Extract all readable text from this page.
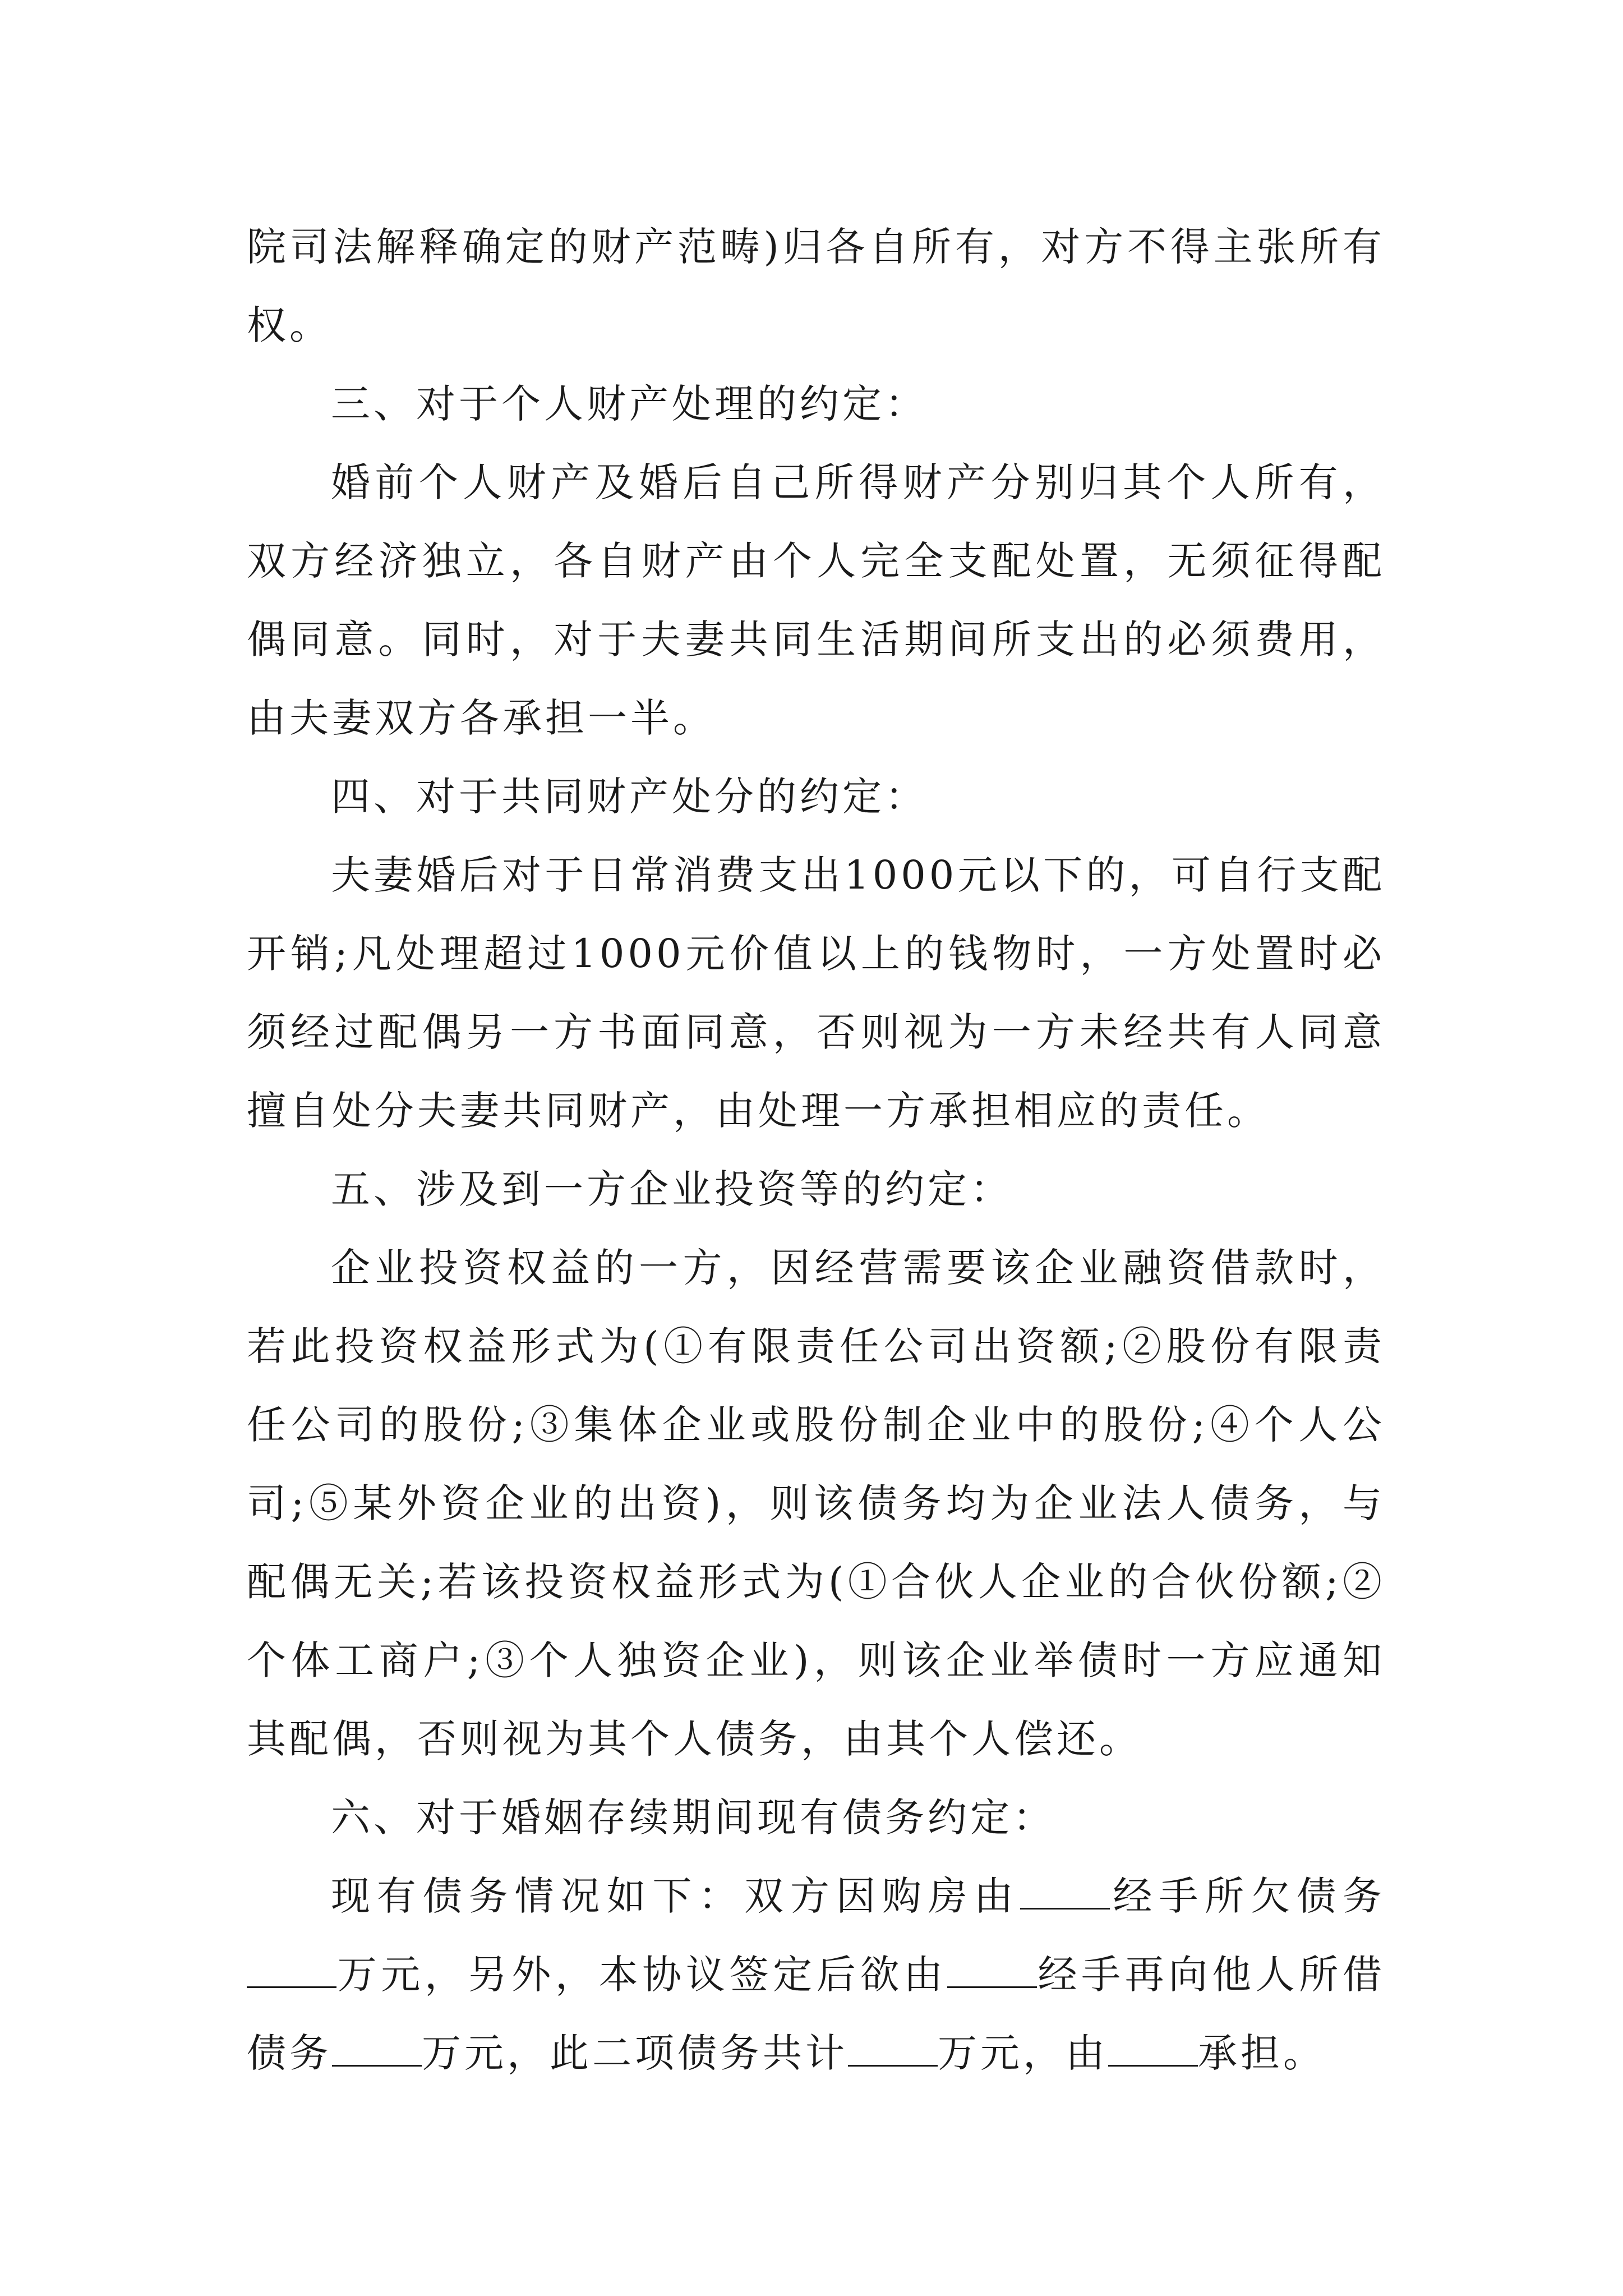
院司法解释确定的财产范畴)归各自所有，对方不得主张所有权。

三、对于个人财产处理的约定：

婚前个人财产及婚后自己所得财产分别归其个人所有，双方经济独立，各自财产由个人完全支配处置，无须征得配偶同意。同时，对于夫妻共同生活期间所支出的必须费用，由夫妻双方各承担一半。

四、对于共同财产处分的约定：

夫妻婚后对于日常消费支出1000元以下的，可自行支配开销;凡处理超过1000元价值以上的钱物时，一方处置时必须经过配偶另一方书面同意，否则视为一方未经共有人同意擅自处分夫妻共同财产，由处理一方承担相应的责任。

五、涉及到一方企业投资等的约定：

企业投资权益的一方，因经营需要该企业融资借款时，若此投资权益形式为(①有限责任公司出资额;②股份有限责任公司的股份;③集体企业或股份制企业中的股份;④个人公司;⑤某外资企业的出资)，则该债务均为企业法人债务，与配偶无关;若该投资权益形式为(①合伙人企业的合伙份额;②个体工商户;③个人独资企业)，则该企业举债时一方应通知其配偶，否则视为其个人债务，由其个人偿还。

六、对于婚姻存续期间现有债务约定：

现有债务情况如下：双方因购房由 经手所欠债务万元，另外，本协议签定后欲由 经手再向他人所借债务 万元，此二项债务共计 万元，由 承担。
